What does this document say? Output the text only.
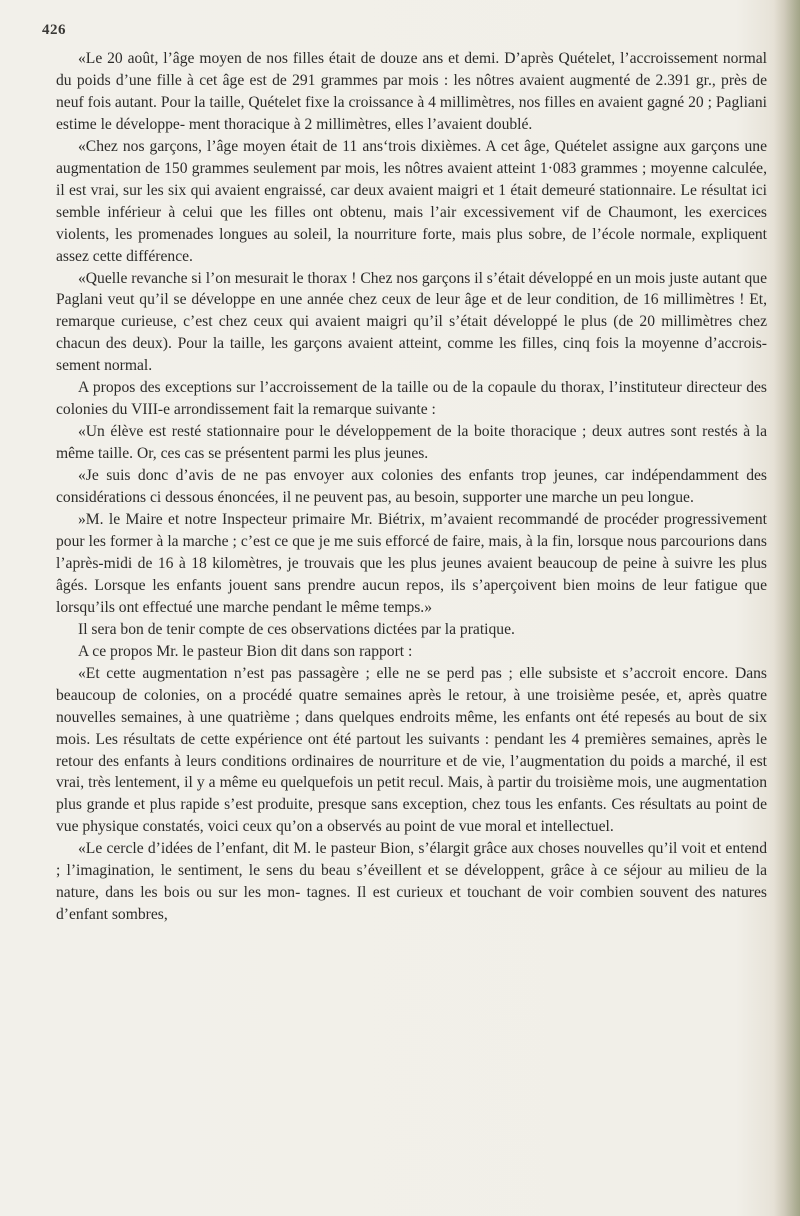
426

«Le 20 août, l’âge moyen de nos filles était de douze ans et demi. D’après Quételet, l’accroissement normal du poids d’une fille à cet âge est de 291 grammes par mois : les nôtres avaient augmenté de 2.391 gr., près de neuf fois autant. Pour la taille, Quételet fixe la croissance à 4 millimètres, nos filles en avaient gagné 20 ; Pagliani estime le développe- ment thoracique à 2 millimètres, elles l’avaient doublé.

«Chez nos garçons, l’âge moyen était de 11 ans‘trois dixièmes. A cet âge, Quételet assigne aux garçons une augmentation de 150 grammes seulement par mois, les nôtres avaient atteint 1·083 grammes ; moyenne calculée, il est vrai, sur les six qui avaient engraissé, car deux avaient maigri et 1 était demeuré stationnaire. Le résultat ici semble inférieur à celui que les filles ont obtenu, mais l’air excessivement vif de Chaumont, les exercices violents, les promenades longues au soleil, la nourriture forte, mais plus sobre, de l’école normale, expliquent assez cette différence.

«Quelle revanche si l’on mesurait le thorax ! Chez nos garçons il s’était développé en un mois juste autant que Paglani veut qu’il se développe en une année chez ceux de leur âge et de leur condition, de 16 millimètres ! Et, remarque curieuse, c’est chez ceux qui avaient maigri qu’il s’était développé le plus (de 20 millimètres chez chacun des deux). Pour la taille, les garçons avaient atteint, comme les filles, cinq fois la moyenne d’accrois- sement normal.

A propos des exceptions sur l’accroissement de la taille ou de la copaule du thorax, l’instituteur directeur des colonies du VIII-e arrondissement fait la remarque suivante :

«Un élève est resté stationnaire pour le développement de la boite thoracique ; deux autres sont restés à la même taille. Or, ces cas se présentent parmi les plus jeunes.

«Je suis donc d’avis de ne pas envoyer aux colonies des enfants trop jeunes, car indépendamment des considérations ci dessous énoncées, il ne peuvent pas, au besoin, supporter une marche un peu longue.

»M. le Maire et notre Inspecteur primaire Mr. Biétrix, m’avaient recommandé de procéder progressivement pour les former à la marche ; c’est ce que je me suis efforcé de faire, mais, à la fin, lorsque nous parcourions dans l’après-midi de 16 à 18 kilomètres, je trouvais que les plus jeunes avaient beaucoup de peine à suivre les plus âgés. Lorsque les enfants jouent sans prendre aucun repos, ils s’aperçoivent bien moins de leur fatigue que lorsqu’ils ont effectué une marche pendant le même temps.»

Il sera bon de tenir compte de ces observations dictées par la pratique.

A ce propos Mr. le pasteur Bion dit dans son rapport :

«Et cette augmentation n’est pas passagère ; elle ne se perd pas ; elle subsiste et s’accroit encore. Dans beaucoup de colonies, on a procédé quatre semaines après le retour, à une troisième pesée, et, après quatre nouvelles semaines, à une quatrième ; dans quelques endroits même, les enfants ont été repesés au bout de six mois. Les résultats de cette expérience ont été partout les suivants : pendant les 4 premières semaines, après le retour des enfants à leurs conditions ordinaires de nourriture et de vie, l’augmentation du poids a marché, il est vrai, très lentement, il y a même eu quelquefois un petit recul. Mais, à partir du troisième mois, une augmentation plus grande et plus rapide s’est produite, presque sans exception, chez tous les enfants. Ces résultats au point de vue physique constatés, voici ceux qu’on a observés au point de vue moral et intellectuel.

«Le cercle d’idées de l’enfant, dit M. le pasteur Bion, s’élargit grâce aux choses nouvelles qu’il voit et entend ; l’imagination, le sentiment, le sens du beau s’éveillent et se développent, grâce à ce séjour au milieu de la nature, dans les bois ou sur les mon- tagnes. Il est curieux et touchant de voir combien souvent des natures d’enfant sombres,
